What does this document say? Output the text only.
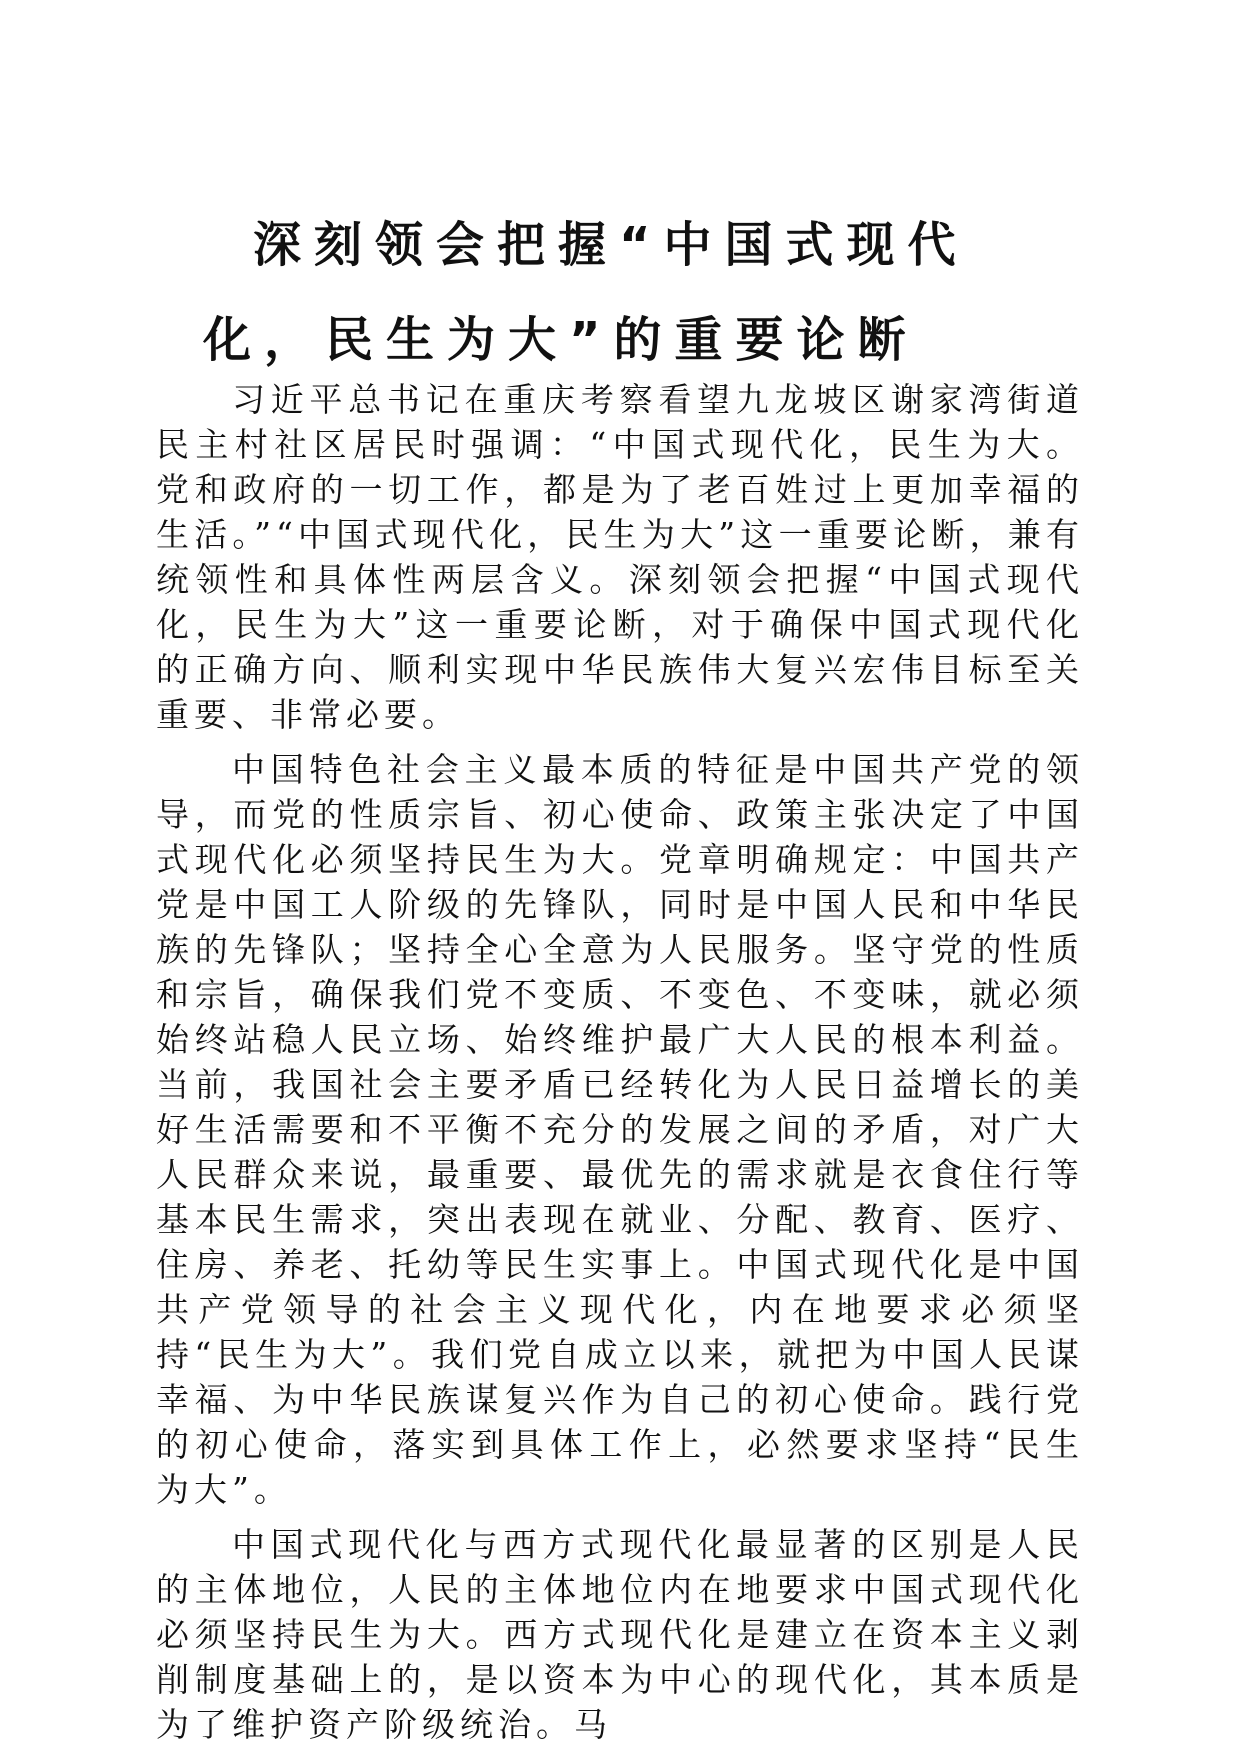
深刻领会把握“中国式现代
化，民生为大”的重要论断

习近平总书记在重庆考察看望九龙坡区谢家湾街道民主村社区居民时强调：“中国式现代化，民生为大。党和政府的一切工作，都是为了老百姓过上更加幸福的生活。”“中国式现代化，民生为大”这一重要论断，兼有统领性和具体性两层含义。深刻领会把握“中国式现代化，民生为大”这一重要论断，对于确保中国式现代化的正确方向、顺利实现中华民族伟大复兴宏伟目标至关重要、非常必要。

中国特色社会主义最本质的特征是中国共产党的领导，而党的性质宗旨、初心使命、政策主张决定了中国式现代化必须坚持民生为大。党章明确规定：中国共产党是中国工人阶级的先锋队，同时是中国人民和中华民族的先锋队；坚持全心全意为人民服务。坚守党的性质和宗旨，确保我们党不变质、不变色、不变味，就必须始终站稳人民立场、始终维护最广大人民的根本利益。当前，我国社会主要矛盾已经转化为人民日益增长的美好生活需要和不平衡不充分的发展之间的矛盾，对广大人民群众来说，最重要、最优先的需求就是衣食住行等基本民生需求，突出表现在就业、分配、教育、医疗、住房、养老、托幼等民生实事上。中国式现代化是中国共产党领导的社会主义现代化，内在地要求必须坚持“民生为大”。我们党自成立以来，就把为中国人民谋幸福、为中华民族谋复兴作为自己的初心使命。践行党的初心使命，落实到具体工作上，必然要求坚持“民生为大”。

中国式现代化与西方式现代化最显著的区别是人民的主体地位，人民的主体地位内在地要求中国式现代化必须坚持民生为大。西方式现代化是建立在资本主义剥削制度基础上的，是以资本为中心的现代化，其本质是为了维护资产阶级统治。马
